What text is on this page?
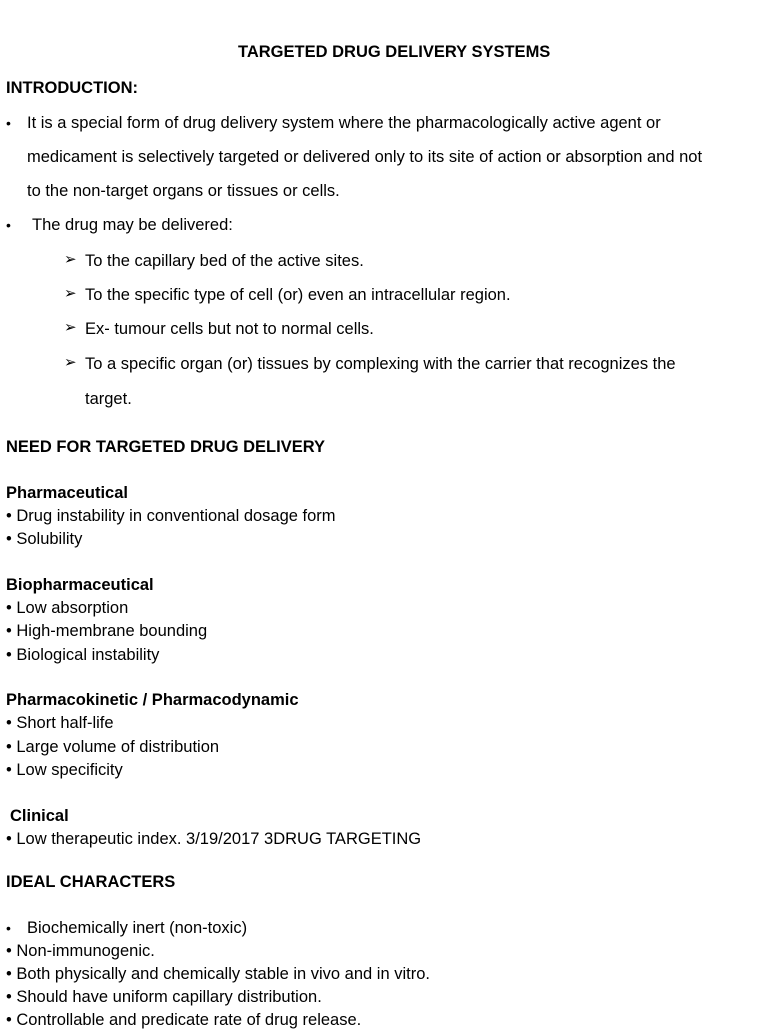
TARGETED DRUG DELIVERY SYSTEMS
INTRODUCTION:
• It is a special form of drug delivery system where the pharmacologically active agent or
medicament is selectively targeted or delivered only to its site of action or absorption and not
to the non-target organs or tissues or cells.
• The drug may be delivered:
➢ To the capillary bed of the active sites.
➢ To the specific type of cell (or) even an intracellular region.
➢ Ex- tumour cells but not to normal cells.
➢ To a specific organ (or) tissues by complexing with the carrier that recognizes the
target.
NEED FOR TARGETED DRUG DELIVERY
Pharmaceutical
• Drug instability in conventional dosage form
• Solubility
Biopharmaceutical
• Low absorption
• High-membrane bounding
• Biological instability
Pharmacokinetic / Pharmacodynamic
• Short half-life
• Large volume of distribution
• Low specificity
Clinical
• Low therapeutic index. 3/19/2017 3DRUG TARGETING
IDEAL CHARACTERS
• Biochemically inert (non-toxic)
• Non-immunogenic.
• Both physically and chemically stable in vivo and in vitro.
• Should have uniform capillary distribution.
• Controllable and predicate rate of drug release.
